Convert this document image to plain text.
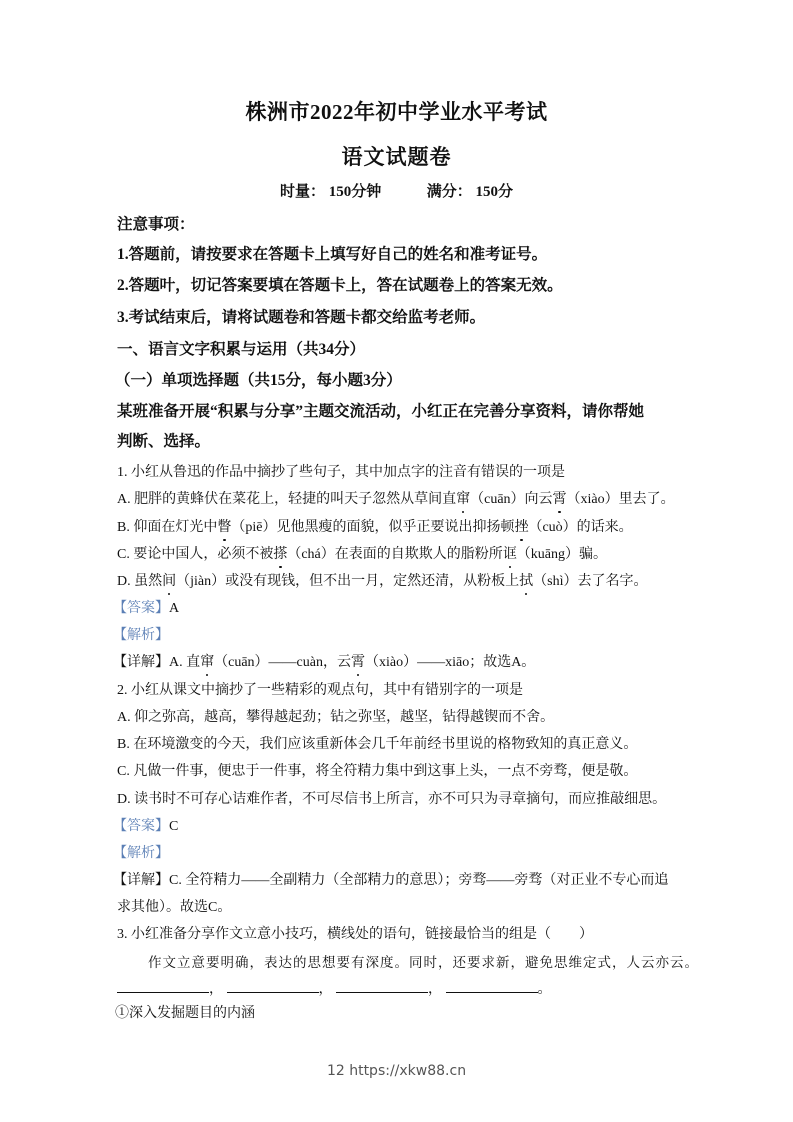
株洲市2022年初中学业水平考试
语文试题卷
时量： 150分钟	满分： 150分
注意事项：
1.答题前，请按要求在答题卡上填写好自己的姓名和准考证号。
2.答题叶，切记答案要填在答题卡上，答在试题卷上的答案无效。
3.考试结束后，请将试题卷和答题卡都交给监考老师。
一、语言文字积累与运用（共34分）
（一）单项选择题（共15分，每小题3分）
某班准备开展“积累与分享”主题交流活动，小红正在完善分享资料，请你帮她
判断、选择。
1. 小红从鲁迅的作品中摘抄了些句子，其中加点字的注音有错误的一项是
A. 肥胖的黄蜂伏在菜花上，轻捷的叫天子忽然从草间直窜（cuān）向云霄（xiào）里去了。
B. 仰面在灯光中瞥（piē）见他黑瘦的面貌，似乎正要说出抑扬顿挫（cuò）的话来。
C. 要论中国人，必须不被搽（chá）在表面的自欺欺人的脂粉所诓（kuāng）骗。
D. 虽然间（jiàn）或没有现钱，但不出一月，定然还清，从粉板上拭（shì）去了名字。
【答案】A
【解析】
【详解】A. 直窜（cuān）——cuàn，云霄（xiào）——xiāo；故选A。
2. 小红从课文中摘抄了一些精彩的观点句，其中有错别字的一项是
A. 仰之弥高，越高，攀得越起劲；钻之弥坚，越坚，钻得越锲而不舍。
B. 在环境激变的今天，我们应该重新体会几千年前经书里说的格物致知的真正意义。
C. 凡做一件事，便忠于一件事，将全符精力集中到这事上头，一点不旁骛，便是敬。
D. 读书时不可存心诘难作者，不可尽信书上所言，亦不可只为寻章摘句，而应推敲细思。
【答案】C
【解析】
【详解】C. 全符精力——全副精力（全部精力的意思）；旁骛——旁骛（对正业不专心而追
求其他）。故选C。
3. 小红准备分享作文立意小技巧，横线处的语句，链接最恰当的组是（　　）
作文立意要明确，表达的思想要有深度。同时，还要求新，避免思维定式，人云亦云。
，	，	，	。
①深入发掘题目的内涵
12 https://xkw88.cn
